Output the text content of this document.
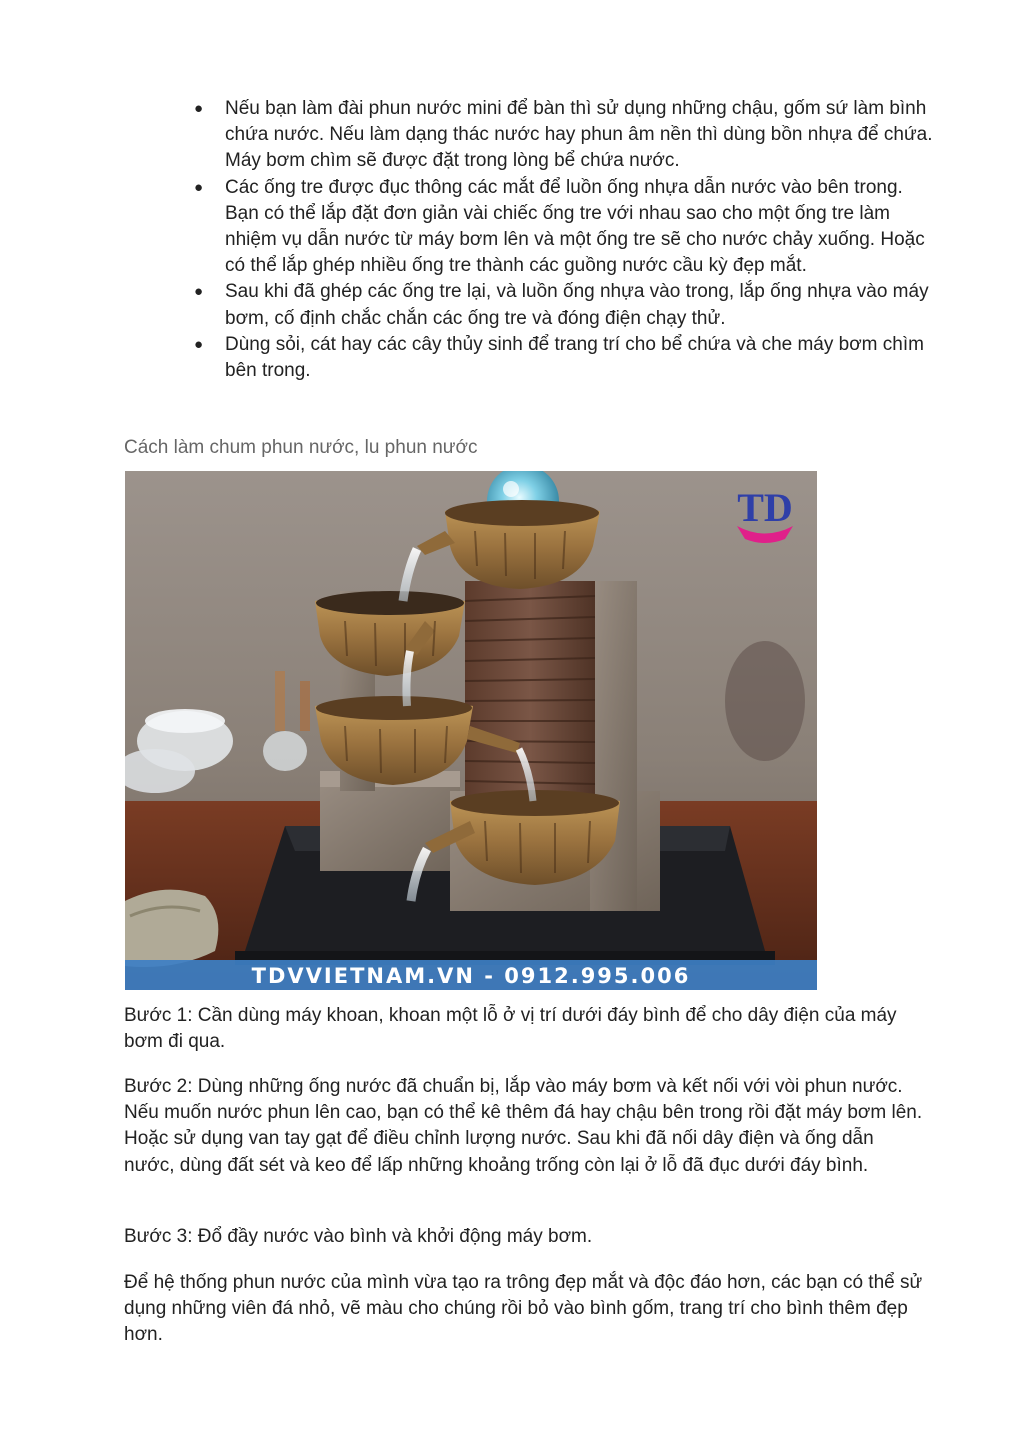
● Nếu bạn làm đài phun nước mini để bàn thì sử dụng những chậu, gốm sứ làm bình chứa nước. Nếu làm dạng thác nước hay phun âm nền thì dùng bồn nhựa để chứa. Máy bơm chìm sẽ được đặt trong lòng bể chứa nước.
● Các ống tre được đục thông các mắt để luồn ống nhựa dẫn nước vào bên trong. Bạn có thể lắp đặt đơn giản vài chiếc ống tre với nhau sao cho một ống tre làm nhiệm vụ dẫn nước từ máy bơm lên và một ống tre sẽ cho nước chảy xuống. Hoặc có thể lắp ghép nhiều ống tre thành các guồng nước cầu kỳ đẹp mắt.
● Sau khi đã ghép các ống tre lại, và luồn ống nhựa vào trong, lắp ống nhựa vào máy bơm, cố định chắc chắn các ống tre và đóng điện chạy thử.
● Dùng sỏi, cát hay các cây thủy sinh để trang trí cho bể chứa và che máy bơm chìm bên trong.
Cách làm chum phun nước, lu phun nước
TD
TDVVIETNAM.VN - 0912.995.006

Bước 1: Cần dùng máy khoan, khoan một lỗ ở vị trí dưới đáy bình để cho dây điện của máy bơm đi qua.

Bước 2: Dùng những ống nước đã chuẩn bị, lắp vào máy bơm và kết nối với vòi phun nước. Nếu muốn nước phun lên cao, bạn có thể kê thêm đá hay chậu bên trong rồi đặt máy bơm lên. Hoặc sử dụng van tay gạt để điều chỉnh lượng nước. Sau khi đã nối dây điện và ống dẫn nước, dùng đất sét và keo để lấp những khoảng trống còn lại ở lỗ đã đục dưới đáy bình.

Bước 3: Đổ đầy nước vào bình và khởi động máy bơm.

Để hệ thống phun nước của mình vừa tạo ra trông đẹp mắt và độc đáo hơn, các bạn có thể sử dụng những viên đá nhỏ, vẽ màu cho chúng rồi bỏ vào bình gốm, trang trí cho bình thêm đẹp hơn.
